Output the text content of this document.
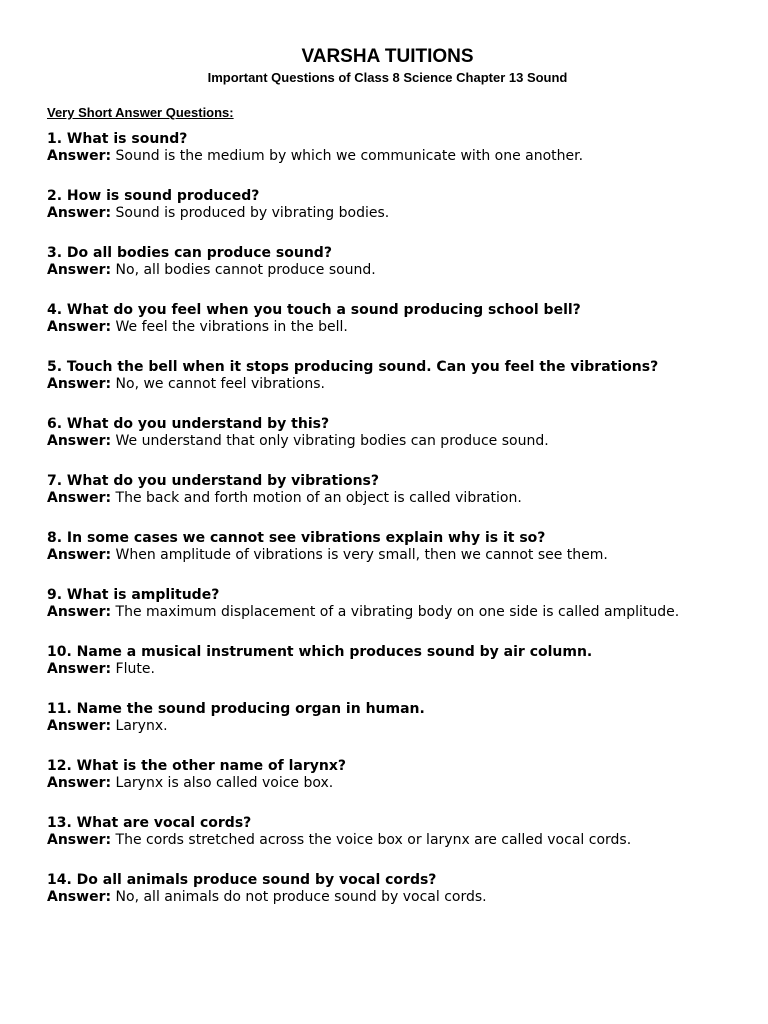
VARSHA TUITIONS
Important Questions of Class 8 Science Chapter 13 Sound
Very Short Answer Questions:
1. What is sound?
Answer: Sound is the medium by which we communicate with one another.
2. How is sound produced?
Answer: Sound is produced by vibrating bodies.
3. Do all bodies can produce sound?
Answer: No, all bodies cannot produce sound.
4. What do you feel when you touch a sound producing school bell?
Answer: We feel the vibrations in the bell.
5. Touch the bell when it stops producing sound. Can you feel the vibrations?
Answer: No, we cannot feel vibrations.
6. What do you understand by this?
Answer: We understand that only vibrating bodies can produce sound.
7. What do you understand by vibrations?
Answer: The back and forth motion of an object is called vibration.
8. In some cases we cannot see vibrations explain why is it so?
Answer: When amplitude of vibrations is very small, then we cannot see them.
9. What is amplitude?
Answer: The maximum displacement of a vibrating body on one side is called amplitude.
10. Name a musical instrument which produces sound by air column.
Answer: Flute.
11. Name the sound producing organ in human.
Answer: Larynx.
12. What is the other name of larynx?
Answer: Larynx is also called voice box.
13. What are vocal cords?
Answer: The cords stretched across the voice box or larynx are called vocal cords.
14. Do all animals produce sound by vocal cords?
Answer: No, all animals do not produce sound by vocal cords.
